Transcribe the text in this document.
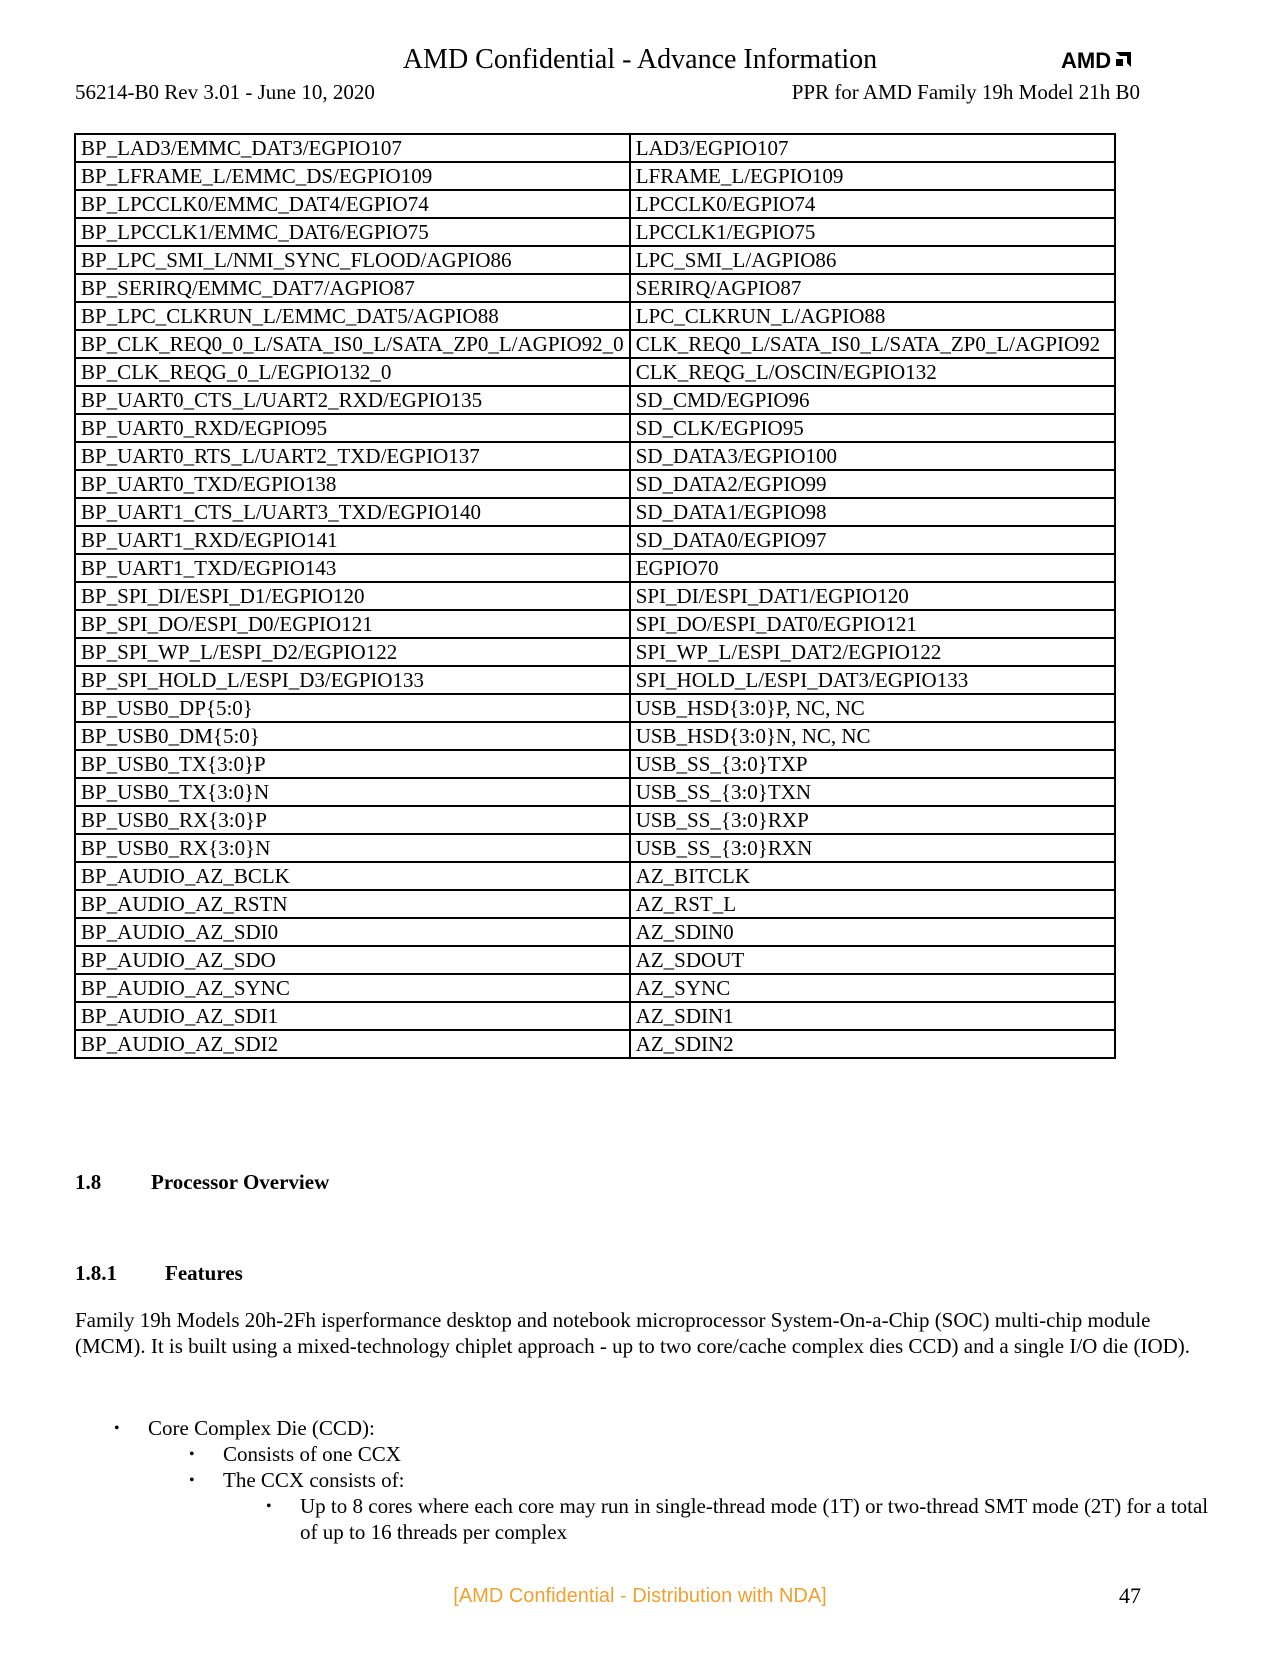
AMD Confidential - Advance Information	AMD
56214-B0 Rev 3.01 - June 10, 2020	PPR for AMD Family 19h Model 21h B0
BP_LAD3/EMMC_DAT3/EGPIO107	LAD3/EGPIO107
BP_LFRAME_L/EMMC_DS/EGPIO109	LFRAME_L/EGPIO109
BP_LPCCLK0/EMMC_DAT4/EGPIO74	LPCCLK0/EGPIO74
BP_LPCCLK1/EMMC_DAT6/EGPIO75	LPCCLK1/EGPIO75
BP_LPC_SMI_L/NMI_SYNC_FLOOD/AGPIO86	LPC_SMI_L/AGPIO86
BP_SERIRQ/EMMC_DAT7/AGPIO87	SERIRQ/AGPIO87
BP_LPC_CLKRUN_L/EMMC_DAT5/AGPIO88	LPC_CLKRUN_L/AGPIO88
BP_CLK_REQ0_0_L/SATA_IS0_L/SATA_ZP0_L/AGPIO92_0	CLK_REQ0_L/SATA_IS0_L/SATA_ZP0_L/AGPIO92
BP_CLK_REQG_0_L/EGPIO132_0	CLK_REQG_L/OSCIN/EGPIO132
BP_UART0_CTS_L/UART2_RXD/EGPIO135	SD_CMD/EGPIO96
BP_UART0_RXD/EGPIO95	SD_CLK/EGPIO95
BP_UART0_RTS_L/UART2_TXD/EGPIO137	SD_DATA3/EGPIO100
BP_UART0_TXD/EGPIO138	SD_DATA2/EGPIO99
BP_UART1_CTS_L/UART3_TXD/EGPIO140	SD_DATA1/EGPIO98
BP_UART1_RXD/EGPIO141	SD_DATA0/EGPIO97
BP_UART1_TXD/EGPIO143	EGPIO70
BP_SPI_DI/ESPI_D1/EGPIO120	SPI_DI/ESPI_DAT1/EGPIO120
BP_SPI_DO/ESPI_D0/EGPIO121	SPI_DO/ESPI_DAT0/EGPIO121
BP_SPI_WP_L/ESPI_D2/EGPIO122	SPI_WP_L/ESPI_DAT2/EGPIO122
BP_SPI_HOLD_L/ESPI_D3/EGPIO133	SPI_HOLD_L/ESPI_DAT3/EGPIO133
BP_USB0_DP{5:0}	USB_HSD{3:0}P, NC, NC
BP_USB0_DM{5:0}	USB_HSD{3:0}N, NC, NC
BP_USB0_TX{3:0}P	USB_SS_{3:0}TXP
BP_USB0_TX{3:0}N	USB_SS_{3:0}TXN
BP_USB0_RX{3:0}P	USB_SS_{3:0}RXP
BP_USB0_RX{3:0}N	USB_SS_{3:0}RXN
BP_AUDIO_AZ_BCLK	AZ_BITCLK
BP_AUDIO_AZ_RSTN	AZ_RST_L
BP_AUDIO_AZ_SDI0	AZ_SDIN0
BP_AUDIO_AZ_SDO	AZ_SDOUT
BP_AUDIO_AZ_SYNC	AZ_SYNC
BP_AUDIO_AZ_SDI1	AZ_SDIN1
BP_AUDIO_AZ_SDI2	AZ_SDIN2
1.8 Processor Overview
1.8.1 Features
Family 19h Models 20h-2Fh isperformance desktop and notebook microprocessor System-On-a-Chip (SOC) multi-chip module (MCM). It is built using a mixed-technology chiplet approach - up to two core/cache complex dies CCD) and a single I/O die (IOD).
• Core Complex Die (CCD):
• Consists of one CCX
• The CCX consists of:
• Up to 8 cores where each core may run in single-thread mode (1T) or two-thread SMT mode (2T) for a total of up to 16 threads per complex
[AMD Confidential - Distribution with NDA]	47
